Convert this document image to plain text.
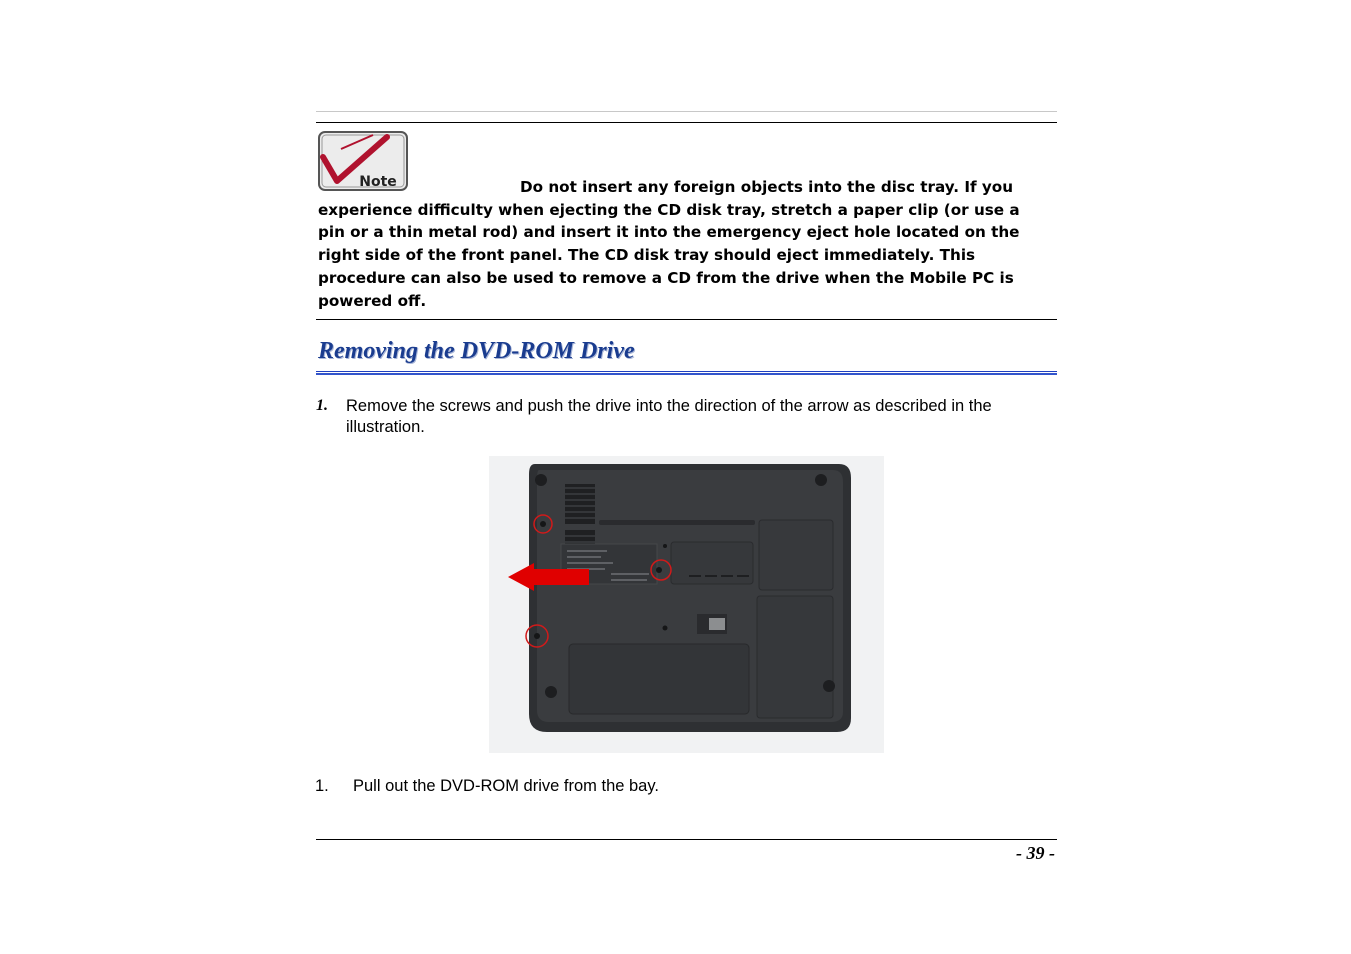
Note	Do not insert any foreign objects into the disc tray. If you
experience difficulty when ejecting the CD disk tray, stretch a paper clip (or use a pin or a thin metal rod) and insert it into the emergency eject hole located on the right side of the front panel. The CD disk tray should eject immediately. This procedure can also be used to remove a CD from the drive when the Mobile PC is powered off.

Removing the DVD-ROM Drive
1. Remove the screws and push the drive into the direction of the arrow as described in the illustration.

1. Pull out the DVD-ROM drive from the bay.
- 39 -
